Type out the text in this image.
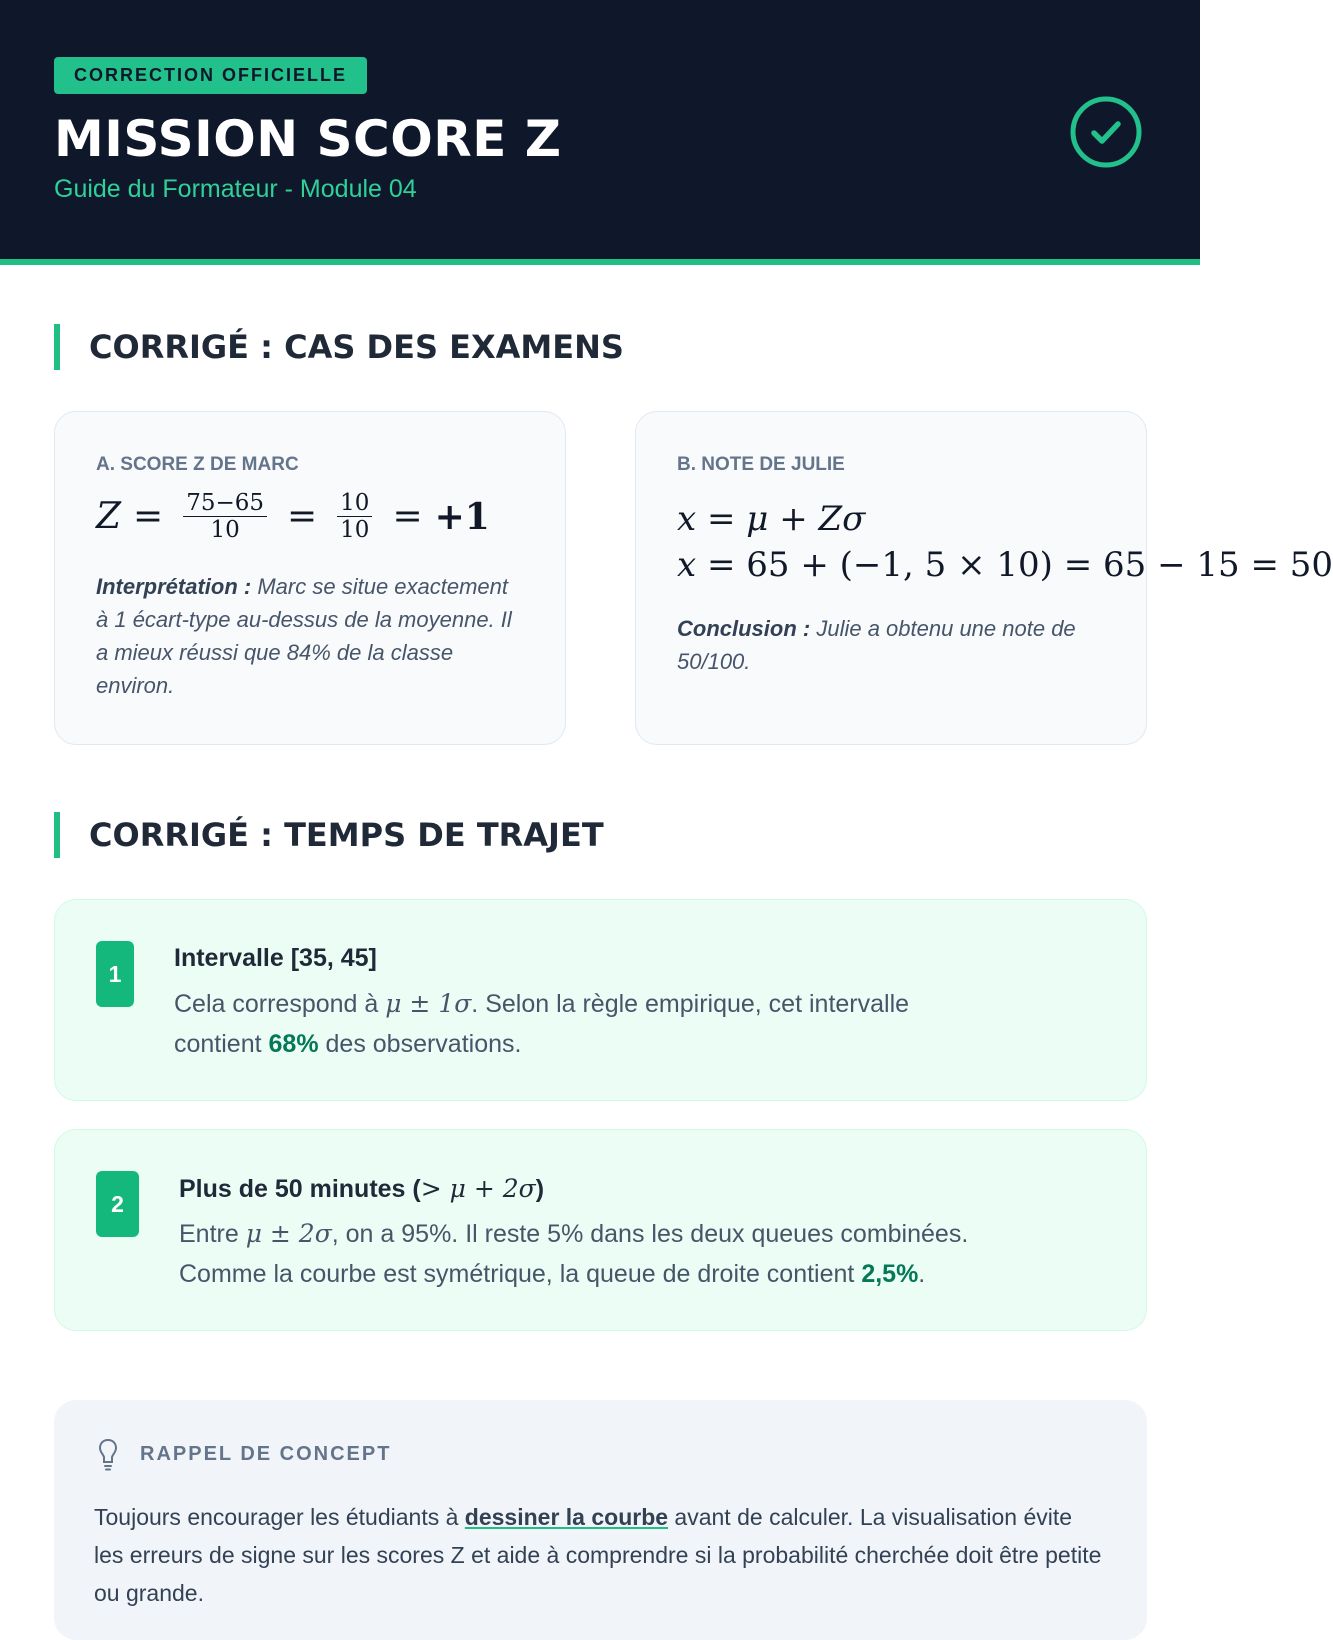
CORRECTION OFFICIELLE
MISSION SCORE Z
Guide du Formateur - Module 04
CORRIGÉ : CAS DES EXAMENS
A. SCORE Z DE MARC
$Z = \frac{75-65}{10} = \frac{10}{10} = +1$
Interprétation : Marc se situe exactement à 1 écart-type au-dessus de la moyenne. Il a mieux réussi que 84% de la classe environ.
B. NOTE DE JULIE
x = μ + Zσ
x = 65 + (−1, 5 × 10) = 65 − 15 = 50
Conclusion : Julie a obtenu une note de 50/100.
CORRIGÉ : TEMPS DE TRAJET
1
Intervalle [35, 45]
Cela correspond à μ ± 1σ. Selon la règle empirique, cet intervalle
contient 68% des observations.
2
Plus de 50 minutes (> μ + 2σ)
Entre μ ± 2σ, on a 95%. Il reste 5% dans les deux queues combinées.
Comme la courbe est symétrique, la queue de droite contient 2,5%.
RAPPEL DE CONCEPT
Toujours encourager les étudiants à dessiner la courbe avant de calculer. La visualisation évite les erreurs de signe sur les scores Z et aide à comprendre si la probabilité cherchée doit être petite ou grande.
